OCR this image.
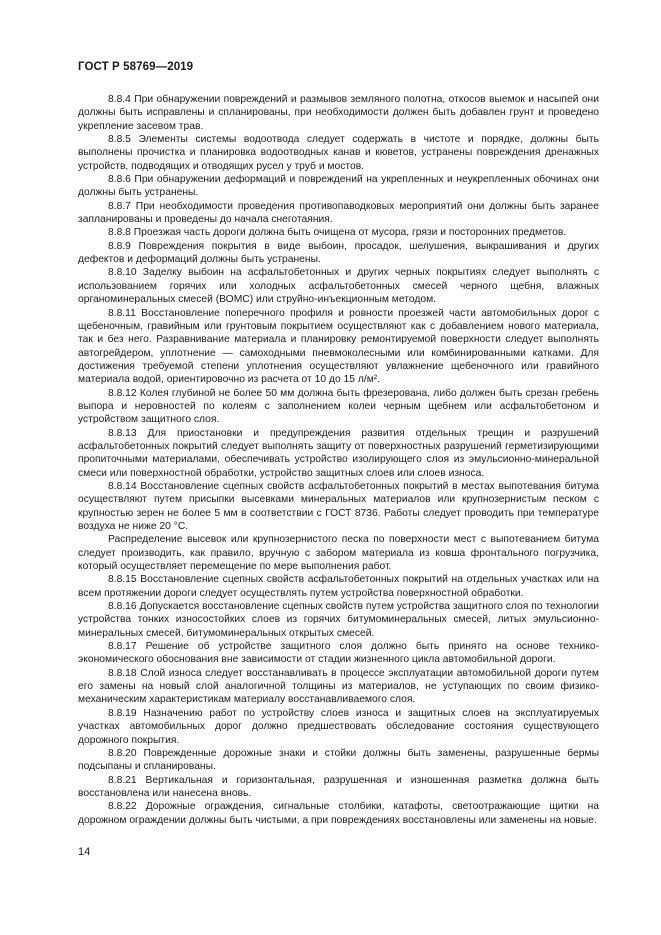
ГОСТ Р 58769—2019

8.8.4 При обнаружении повреждений и размывов земляного полотна, откосов выемок и насыпей они должны быть исправлены и спланированы, при необходимости должен быть добавлен грунт и проведено укрепление засевом трав.

8.8.5 Элементы системы водоотвода следует содержать в чистоте и порядке, должны быть выполнены прочистка и планировка водоотводных канав и кюветов, устранены повреждения дренажных устройств, подводящих и отводящих русел у труб и мостов.

8.8.6 При обнаружении деформаций и повреждений на укрепленных и неукрепленных обочинах они должны быть устранены.

8.8.7 При необходимости проведения противопаводковых мероприятий они должны быть заранее запланированы и проведены до начала снеготаяния.

8.8.8 Проезжая часть дороги должна быть очищена от мусора, грязи и посторонних предметов.

8.8.9 Повреждения покрытия в виде выбоин, просадок, шелушения, выкрашивания и других дефектов и деформаций должны быть устранены.

8.8.10 Заделку выбоин на асфальтобетонных и других черных покрытиях следует выполнять с использованием горячих или холодных асфальтобетонных смесей черного щебня, влажных органоминеральных смесей (ВОМС) или струйно-инъекционным методом.

8.8.11 Восстановление поперечного профиля и ровности проезжей части автомобильных дорог с щебеночным, гравийным или грунтовым покрытием осуществляют как с добавлением нового материала, так и без него. Разравнивание материала и планировку ремонтируемой поверхности следует выполнять автогрейдером, уплотнение — самоходными пневмоколесными или комбинированными катками. Для достижения требуемой степени уплотнения осуществляют увлажнение щебеночного или гравийного материала водой, ориентировочно из расчета от 10 до 15 л/м².

8.8.12 Колея глубиной не более 50 мм должна быть фрезерована, либо должен быть срезан гребень выпора и неровностей по колеям с заполнением колеи черным щебнем или асфальтобетоном и устройством защитного слоя.

8.8.13 Для приостановки и предупреждения развития отдельных трещин и разрушений асфальтобетонных покрытий следует выполнять защиту от поверхностных разрушений герметизирующими пропиточными материалами, обеспечивать устройство изолирующего слоя из эмульсионно-минеральной смеси или поверхностной обработки, устройство защитных слоев или слоев износа.

8.8.14 Восстановление сцепных свойств асфальтобетонных покрытий в местах выпотевания битума осуществляют путем присыпки высевками минеральных материалов или крупнозернистым песком с крупностью зерен не более 5 мм в соответствии с ГОСТ 8736. Работы следует проводить при температуре воздуха не ниже 20 °С.

Распределение высевок или крупнозернистого песка по поверхности мест с выпотеванием битума следует производить, как правило, вручную с забором материала из ковша фронтального погрузчика, который осуществляет перемещение по мере выполнения работ.

8.8.15 Восстановление сцепных свойств асфальтобетонных покрытий на отдельных участках или на всем протяжении дороги следует осуществлять путем устройства поверхностной обработки.

8.8.16 Допускается восстановление сцепных свойств путем устройства защитного слоя по технологии устройства тонких износостойких слоев из горячих битумоминеральных смесей, литых эмульсионно-минеральных смесей, битумоминеральных открытых смесей.

8.8.17 Решение об устройстве защитного слоя должно быть принято на основе технико-экономического обоснования вне зависимости от стадии жизненного цикла автомобильной дороги.

8.8.18 Слой износа следует восстанавливать в процессе эксплуатации автомобильной дороги путем его замены на новый слой аналогичной толщины из материалов, не уступающих по своим физико-механическим характеристикам материалу восстанавливаемого слоя.

8.8.19 Назначению работ по устройству слоев износа и защитных слоев на эксплуатируемых участках автомобильных дорог должно предшествовать обследование состояния существующего дорожного покрытия.

8.8.20 Поврежденные дорожные знаки и стойки должны быть заменены, разрушенные бермы подсыпаны и спланированы.

8.8.21 Вертикальная и горизонтальная, разрушенная и изношенная разметка должна быть восстановлена или нанесена вновь.

8.8.22 Дорожные ограждения, сигнальные столбики, катафоты, светоотражающие щитки на дорожном ограждении должны быть чистыми, а при повреждениях восстановлены или заменены на новые.

14
